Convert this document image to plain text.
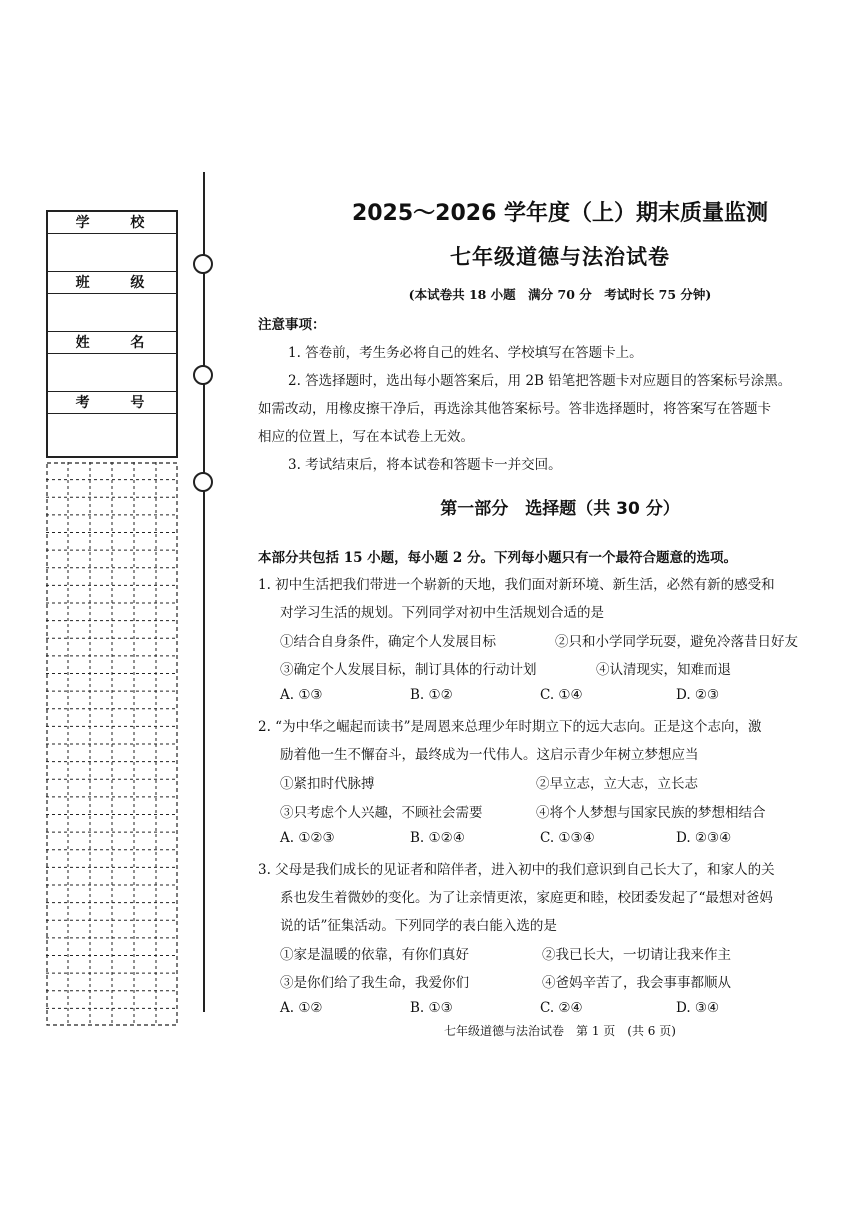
学 校
班 级
姓 名
考 号
2025～2026 学年度（上）期末质量监测
七年级道德与法治试卷
(本试卷共 18 小题　满分 70 分　考试时长 75 分钟)
注意事项：
1. 答卷前，考生务必将自己的姓名、学校填写在答题卡上。
2. 答选择题时，选出每小题答案后，用 2B 铅笔把答题卡对应题目的答案标号涂黑。
如需改动，用橡皮擦干净后，再选涂其他答案标号。答非选择题时，将答案写在答题卡
相应的位置上，写在本试卷上无效。
3. 考试结束后，将本试卷和答题卡一并交回。
第一部分　选择题（共 30 分）
本部分共包括 15 小题，每小题 2 分。下列每小题只有一个最符合题意的选项。
1. 初中生活把我们带进一个崭新的天地，我们面对新环境、新生活，必然有新的感受和
对学习生活的规划。下列同学对初中生活规划合适的是
①结合自身条件，确定个人发展目标	②只和小学同学玩耍，避免冷落昔日好友
③确定个人发展目标，制订具体的行动计划	④认清现实，知难而退
A. ①③	B. ①②	C. ①④	D. ②③
2. “为中华之崛起而读书”是周恩来总理少年时期立下的远大志向。正是这个志向，激
励着他一生不懈奋斗，最终成为一代伟人。这启示青少年树立梦想应当
①紧扣时代脉搏	②早立志，立大志，立长志
③只考虑个人兴趣，不顾社会需要	④将个人梦想与国家民族的梦想相结合
A. ①②③	B. ①②④	C. ①③④	D. ②③④
3. 父母是我们成长的见证者和陪伴者，进入初中的我们意识到自己长大了，和家人的关
系也发生着微妙的变化。为了让亲情更浓，家庭更和睦，校团委发起了“最想对爸妈
说的话”征集活动。下列同学的表白能入选的是
①家是温暖的依靠，有你们真好	②我已长大，一切请让我来作主
③是你们给了我生命，我爱你们	④爸妈辛苦了，我会事事都顺从
A. ①②	B. ①③	C. ②④	D. ③④
七年级道德与法治试卷　第 1 页　(共 6 页)
